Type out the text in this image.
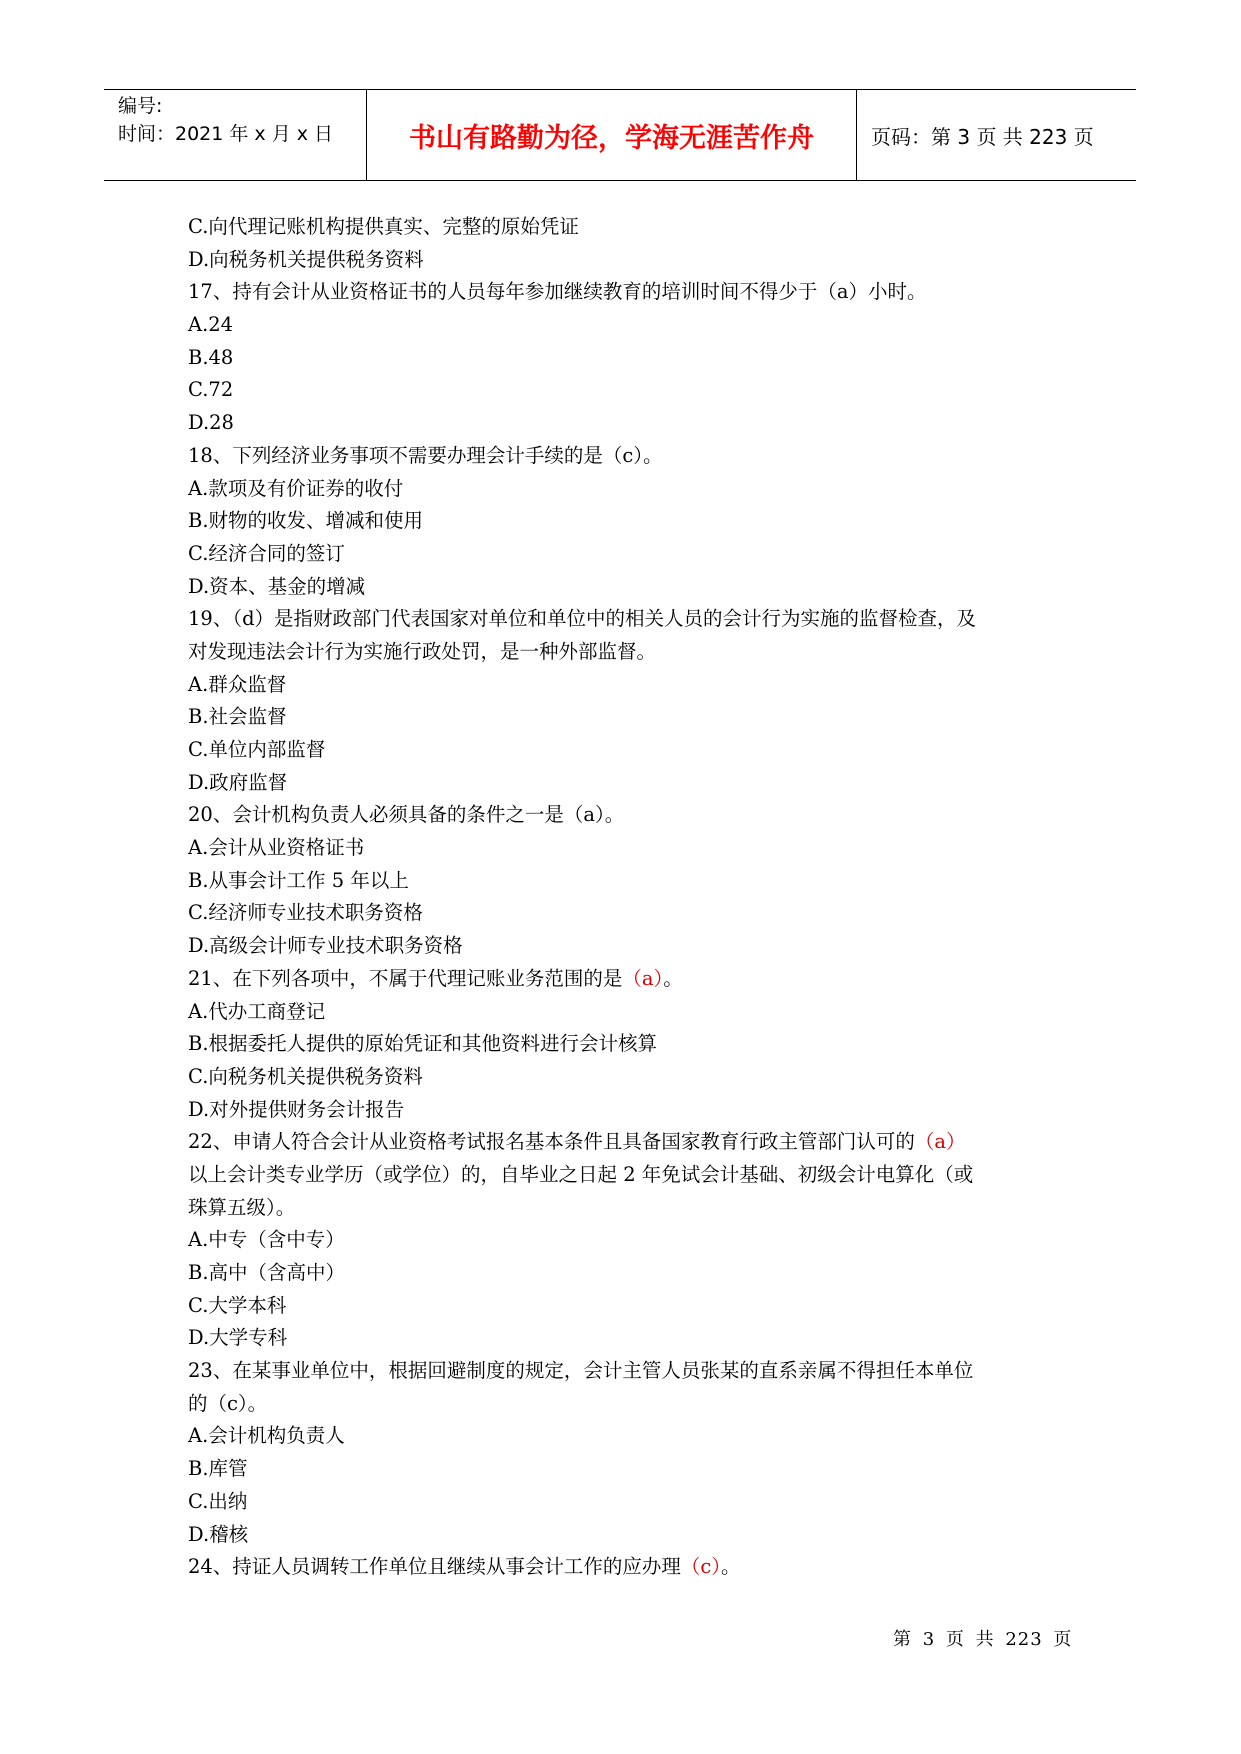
编号:
时间：2021 年 x 月 x 日	书山有路勤为径，学海无涯苦作舟	页码：第 3 页 共 223 页
C.向代理记账机构提供真实、完整的原始凭证
D.向税务机关提供税务资料
17、持有会计从业资格证书的人员每年参加继续教育的培训时间不得少于（a）小时。
A.24
B.48
C.72
D.28
18、下列经济业务事项不需要办理会计手续的是（c）。
A.款项及有价证券的收付
B.财物的收发、增减和使用
C.经济合同的签订
D.资本、基金的增减
19、（d）是指财政部门代表国家对单位和单位中的相关人员的会计行为实施的监督检查，及
对发现违法会计行为实施行政处罚，是一种外部监督。
A.群众监督
B.社会监督
C.单位内部监督
D.政府监督
20、会计机构负责人必须具备的条件之一是（a）。
A.会计从业资格证书
B.从事会计工作 5 年以上
C.经济师专业技术职务资格
D.高级会计师专业技术职务资格
21、在下列各项中，不属于代理记账业务范围的是（a）。
A.代办工商登记
B.根据委托人提供的原始凭证和其他资料进行会计核算
C.向税务机关提供税务资料
D.对外提供财务会计报告
22、申请人符合会计从业资格考试报名基本条件且具备国家教育行政主管部门认可的（a）
以上会计类专业学历（或学位）的，自毕业之日起 2 年免试会计基础、初级会计电算化（或
珠算五级）。
A.中专（含中专）
B.高中（含高中）
C.大学本科
D.大学专科
23、在某事业单位中，根据回避制度的规定，会计主管人员张某的直系亲属不得担任本单位
的（c）。
A.会计机构负责人
B.库管
C.出纳
D.稽核
24、持证人员调转工作单位且继续从事会计工作的应办理（c）。
第 3 页 共 223 页
